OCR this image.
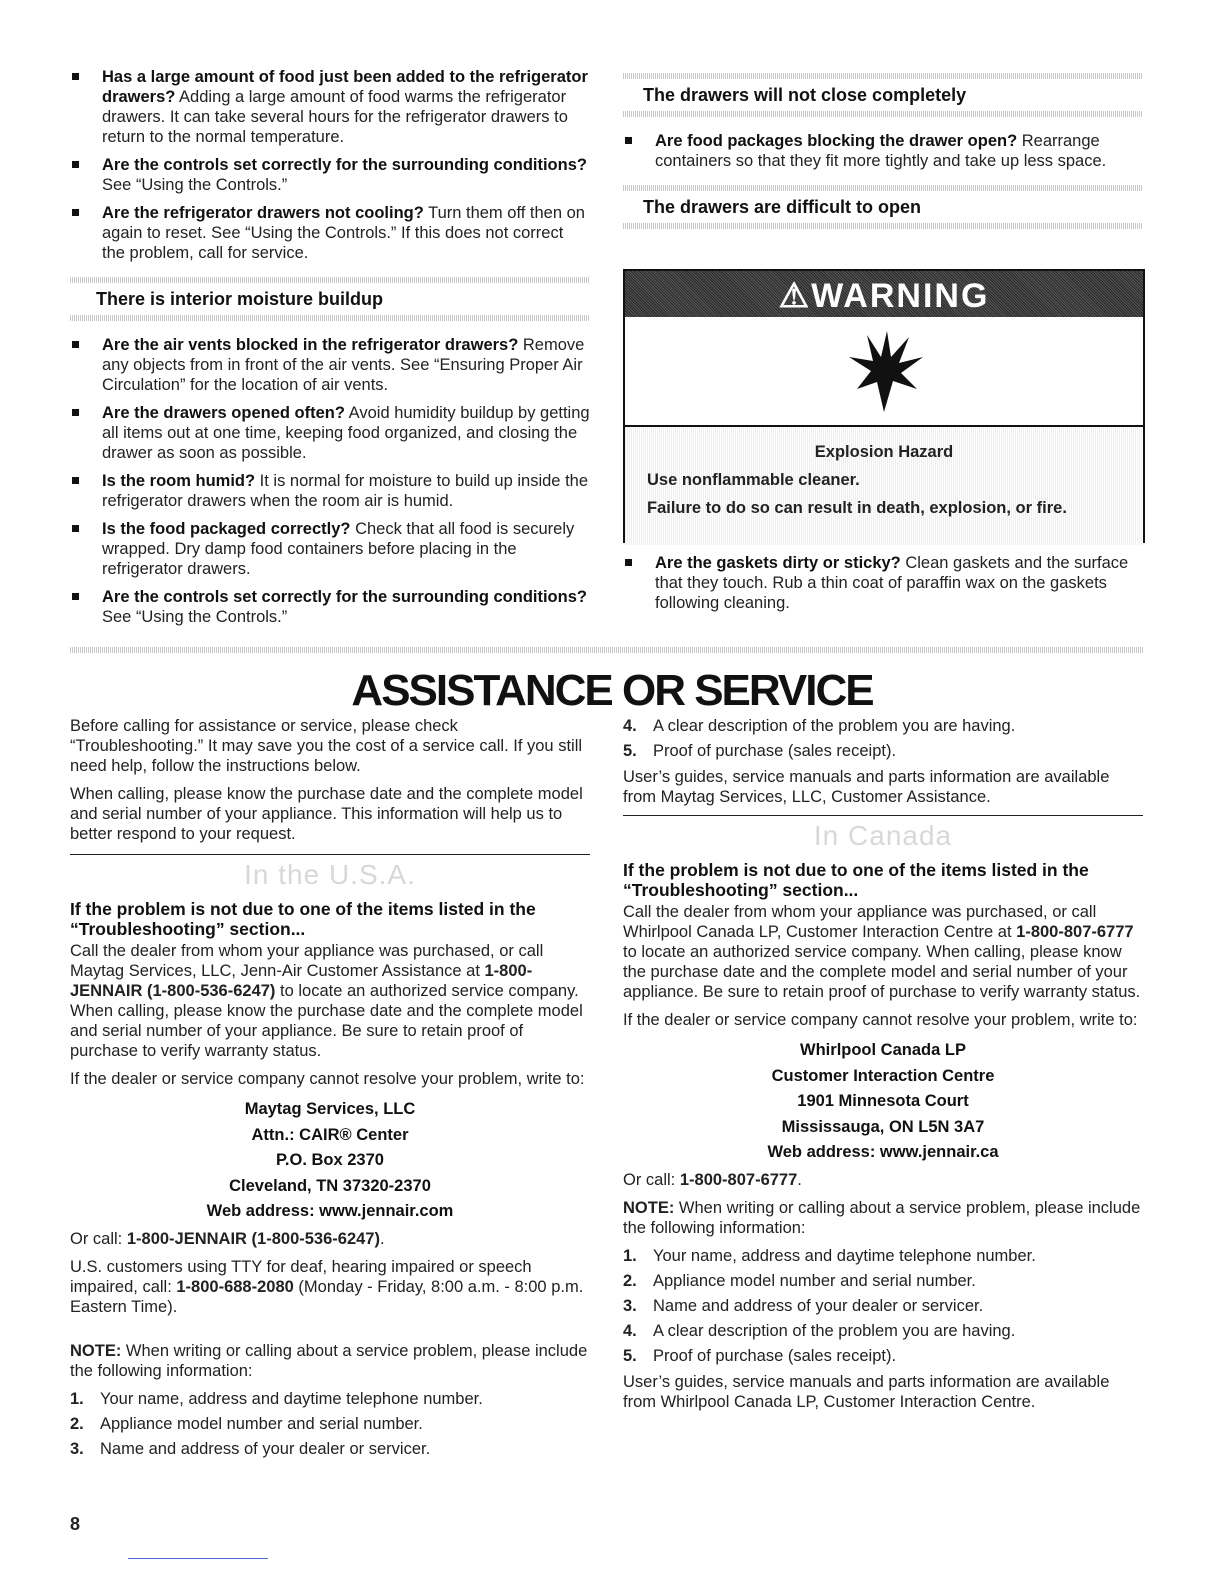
Has a large amount of food just been added to the refrigerator drawers? Adding a large amount of food warms the refrigerator drawers. It can take several hours for the refrigerator drawers to return to the normal temperature.
Are the controls set correctly for the surrounding conditions? See “Using the Controls.”
Are the refrigerator drawers not cooling? Turn them off then on again to reset. See “Using the Controls.” If this does not correct the problem, call for service.
There is interior moisture buildup
Are the air vents blocked in the refrigerator drawers? Remove any objects from in front of the air vents. See “Ensuring Proper Air Circulation” for the location of air vents.
Are the drawers opened often? Avoid humidity buildup by getting all items out at one time, keeping food organized, and closing the drawer as soon as possible.
Is the room humid? It is normal for moisture to build up inside the refrigerator drawers when the room air is humid.
Is the food packaged correctly? Check that all food is securely wrapped. Dry damp food containers before placing in the refrigerator drawers.
Are the controls set correctly for the surrounding conditions? See “Using the Controls.”
The drawers will not close completely
Are food packages blocking the drawer open? Rearrange containers so that they fit more tightly and take up less space.
The drawers are difficult to open
⚠WARNING
Explosion Hazard
Use nonflammable cleaner.
Failure to do so can result in death, explosion, or fire.
Are the gaskets dirty or sticky? Clean gaskets and the surface that they touch. Rub a thin coat of paraffin wax on the gaskets following cleaning.
ASSISTANCE OR SERVICE

Before calling for assistance or service, please check “Troubleshooting.” It may save you the cost of a service call. If you still need help, follow the instructions below.

When calling, please know the purchase date and the complete model and serial number of your appliance. This information will help us to better respond to your request.

In the U.S.A.
If the problem is not due to one of the items listed in the “Troubleshooting” section...

Call the dealer from whom your appliance was purchased, or call Maytag Services, LLC, Jenn-Air Customer Assistance at 1-800-JENNAIR (1-800-536-6247) to locate an authorized service company. When calling, please know the purchase date and the complete model and serial number of your appliance. Be sure to retain proof of purchase to verify warranty status.

If the dealer or service company cannot resolve your problem, write to:

Maytag Services, LLC
Attn.: CAIR® Center
P.O. Box 2370
Cleveland, TN 37320-2370
Web address: www.jennair.com

Or call: 1-800-JENNAIR (1-800-536-6247).

U.S. customers using TTY for deaf, hearing impaired or speech impaired, call: 1-800-688-2080 (Monday - Friday, 8:00 a.m. - 8:00 p.m. Eastern Time).

NOTE: When writing or calling about a service problem, please include the following information:

1. Your name, address and daytime telephone number.
2. Appliance model number and serial number.
3. Name and address of your dealer or servicer.
4. A clear description of the problem you are having.
5. Proof of purchase (sales receipt).

User’s guides, service manuals and parts information are available from Maytag Services, LLC, Customer Assistance.

In Canada
If the problem is not due to one of the items listed in the “Troubleshooting” section...

Call the dealer from whom your appliance was purchased, or call Whirlpool Canada LP, Customer Interaction Centre at 1-800-807-6777 to locate an authorized service company. When calling, please know the purchase date and the complete model and serial number of your appliance. Be sure to retain proof of purchase to verify warranty status.

If the dealer or service company cannot resolve your problem, write to:

Whirlpool Canada LP
Customer Interaction Centre
1901 Minnesota Court
Mississauga, ON L5N 3A7
Web address: www.jennair.ca

Or call: 1-800-807-6777.

NOTE: When writing or calling about a service problem, please include the following information:

1. Your name, address and daytime telephone number.
2. Appliance model number and serial number.
3. Name and address of your dealer or servicer.
4. A clear description of the problem you are having.
5. Proof of purchase (sales receipt).

User’s guides, service manuals and parts information are available from Whirlpool Canada LP, Customer Interaction Centre.

8
